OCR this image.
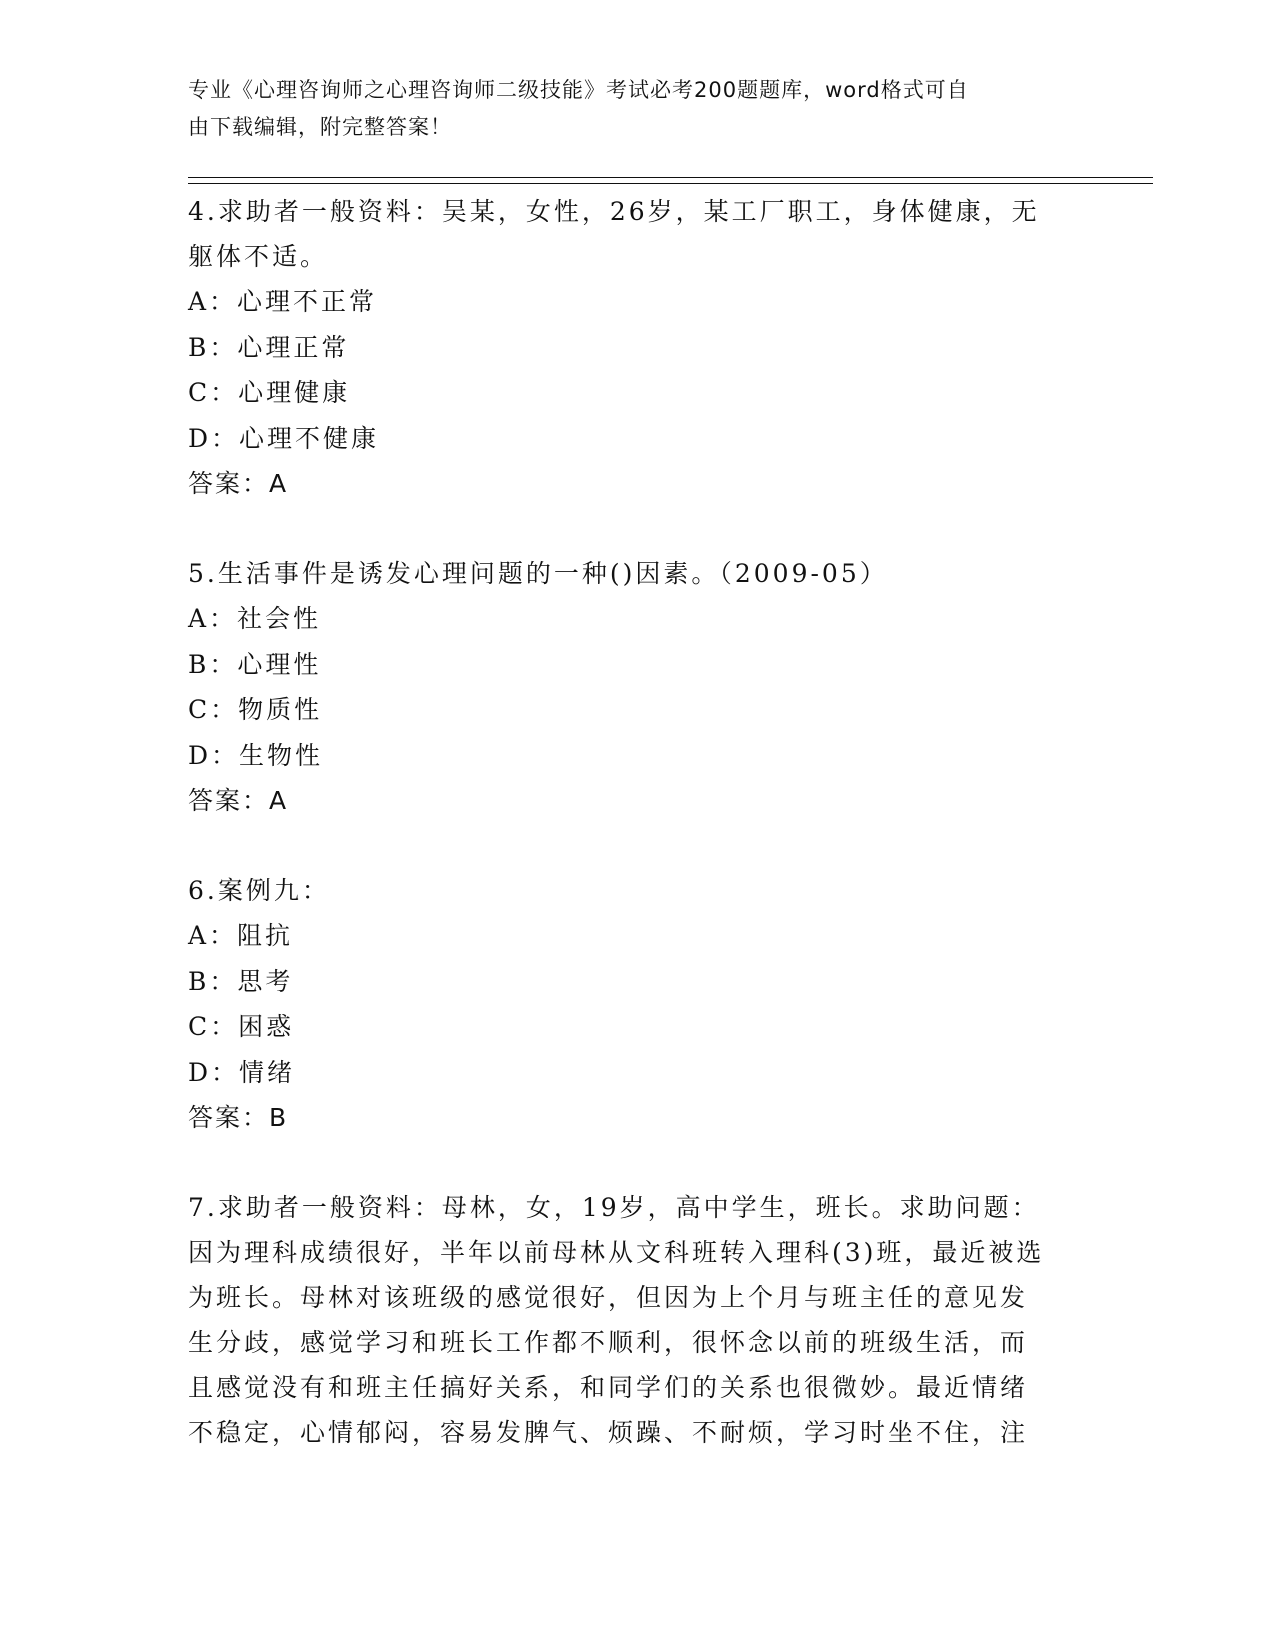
专业《心理咨询师之心理咨询师二级技能》考试必考200题题库，word格式可自
由下载编辑，附完整答案！

4.求助者一般资料：吴某，女性，26岁，某工厂职工，身体健康，无

躯体不适。

A：心理不正常

B：心理正常

C：心理健康

D：心理不健康

答案：A

5.生活事件是诱发心理问题的一种()因素。（2009-05）

A：社会性

B：心理性

C：物质性

D：生物性

答案：A

6.案例九：

A：阻抗

B：思考

C：困惑

D：情绪

答案：B

7.求助者一般资料：母林，女，19岁，高中学生，班长。求助问题：

因为理科成绩很好，半年以前母林从文科班转入理科(3)班，最近被选

为班长。母林对该班级的感觉很好，但因为上个月与班主任的意见发

生分歧，感觉学习和班长工作都不顺利，很怀念以前的班级生活，而

且感觉没有和班主任搞好关系，和同学们的关系也很微妙。最近情绪

不稳定，心情郁闷，容易发脾气、烦躁、不耐烦，学习时坐不住，注
